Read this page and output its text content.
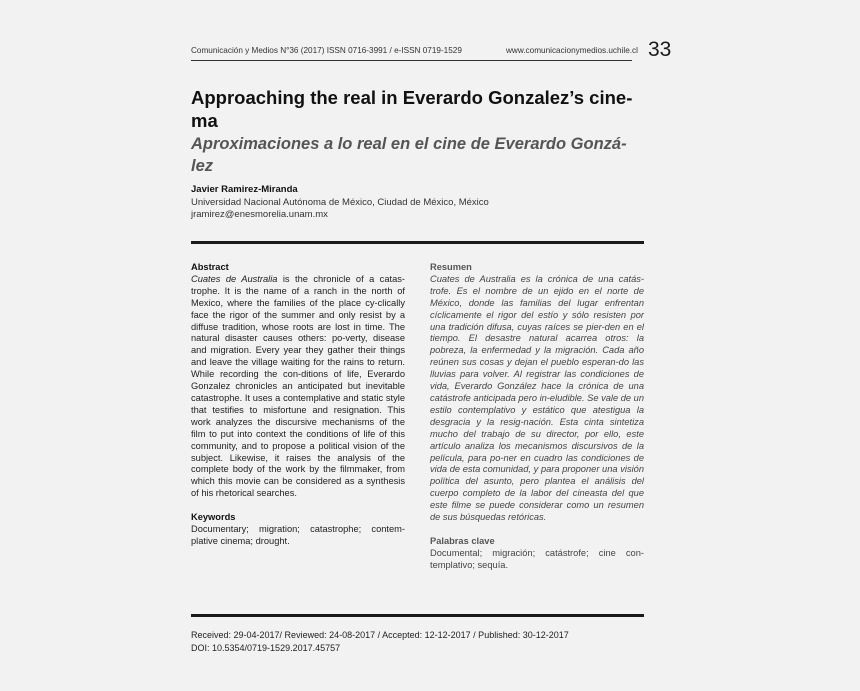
Comunicación y Medios N°36 (2017) ISSN 0716-3991 / e-ISSN 0719-1529	www.comunicacionymedios.uchile.cl 33
Approaching the real in Everardo Gonzalez’s cine-ma
Aproximaciones a lo real en el cine de Everardo Gonzá-lez
Javier Ramirez-Miranda
Universidad Nacional Autónoma de México, Ciudad de México, México
jramirez@enesmorelia.unam.mx
Abstract

Cuates de Australia is the chronicle of a catas-trophe. It is the name of a ranch in the north of Mexico, where the families of the place cy-clically face the rigor of the summer and only resist by a diffuse tradition, whose roots are lost in time. The natural disaster causes others: po-verty, disease and migration. Every year they gather their things and leave the village waiting for the rains to return. While recording the con-ditions of life, Everardo Gonzalez chronicles an anticipated but inevitable catastrophe. It uses a contemplative and static style that testifies to misfortune and resignation. This work analyzes the discursive mechanisms of the film to put into context the conditions of life of this community, and to propose a political vision of the subject. Likewise, it raises the analysis of the complete body of the work by the filmmaker, from which this movie can be considered as a synthesis of his rhetorical searches.

Keywords

Documentary; migration; catastrophe; contem-plative cinema; drought.

Resumen

Cuates de Australia es la crónica de una catás-trofe. Es el nombre de un ejido en el norte de México, donde las familias del lugar enfrentan cíclicamente el rigor del estío y sólo resisten por una tradición difusa, cuyas raíces se pier-den en el tiempo. El desastre natural acarrea otros: la pobreza, la enfermedad y la migración. Cada año reúnen sus cosas y dejan el pueblo esperan-do las lluvias para volver. Al registrar las condiciones de vida, Everardo González hace la crónica de una catástrofe anticipada pero in-eludible. Se vale de un estilo contemplativo y estático que atestigua la desgracia y la resig-nación. Esta cinta sintetiza mucho del trabajo de su director, por ello, este artículo analiza los mecanismos discursivos de la película, para po-ner en cuadro las condiciones de vida de esta comunidad, y para proponer una visión política del asunto, pero plantea el análisis del cuerpo completo de la labor del cineasta del que este filme se puede considerar como un resumen de sus búsquedas retóricas.

Palabras clave

Documental; migración; catástrofe; cine con-templativo; sequía.

Received: 29-04-2017/ Reviewed: 24-08-2017 / Accepted: 12-12-2017 / Published: 30-12-2017
DOI: 10.5354/0719-1529.2017.45757
